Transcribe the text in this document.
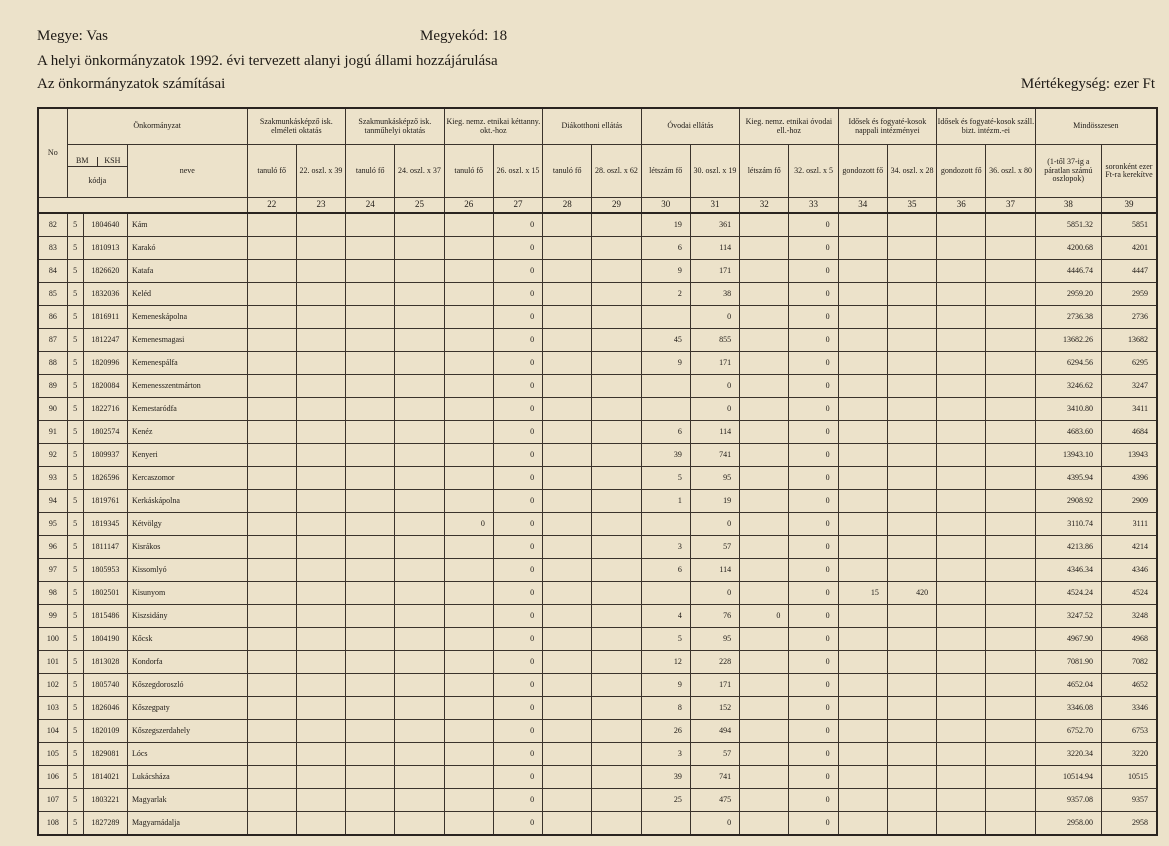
Megye: Vas	Megyekód: 18
A helyi önkormányzatok 1992. évi tervezett alanyi jogú állami hozzájárulása
Az önkormányzatok számításai	Mértékegység: ezer Ft
No	Önkormányzat			Szakmunkásképző isk. elméleti oktatás		Szakmunkásképző isk. tanműhelyi oktatás		Kieg. nemz. etnikai kéttanny. okt.-hoz		Diákotthoni ellátás		Óvodai ellátás		Kieg. nemz. etnikai óvodai ell.-hoz		Idősek és fogyaté-kosok nappali intézményei		Idősek és fogyaté-kosok száll. bizt. intézm.-ei		Mindösszesen	

	BM KSH
kódja		neve	tanuló fő	22. oszl. x 39	tanuló fő	24. oszl. x 37	tanuló fő	26. oszl. x 15	tanuló fő	28. oszl. x 62	létszám fő	30. oszl. x 19	létszám fő	32. oszl. x 5	gondozott fő	34. oszl. x 28	gondozott fő	36. oszl. x 80	(1-től 37-ig a páratlan számú oszlopok)	soronként ezer Ft-ra kerekítve
				22	23	24	25	26	27	28	29	30	31	32	33	34	35	36	37	38	39
82	5	1804640	Kám						0			19	361		0					5851.32	5851
83	5	1810913	Karakó						0			6	114		0					4200.68	4201
84	5	1826620	Katafa						0			9	171		0					4446.74	4447
85	5	1832036	Keléd						0			2	38		0					2959.20	2959
86	5	1816911	Kemeneskápolna						0				0		0					2736.38	2736
87	5	1812247	Kemenesmagasi						0			45	855		0					13682.26	13682
88	5	1820996	Kemenespálfa						0			9	171		0					6294.56	6295
89	5	1820084	Kemenesszentmárton						0				0		0					3246.62	3247
90	5	1822716	Kemestaródfa						0				0		0					3410.80	3411
91	5	1802574	Kenéz						0			6	114		0					4683.60	4684
92	5	1809937	Kenyeri						0			39	741		0					13943.10	13943
93	5	1826596	Kercaszomor						0			5	95		0					4395.94	4396
94	5	1819761	Kerkáskápolna						0			1	19		0					2908.92	2909
95	5	1819345	Kétvölgy					0	0				0		0					3110.74	3111
96	5	1811147	Kisrákos						0			3	57		0					4213.86	4214
97	5	1805953	Kissomlyó						0			6	114		0					4346.34	4346
98	5	1802501	Kisunyom						0				0		0	15	420			4524.24	4524
99	5	1815486	Kiszsidány						0			4	76	0	0					3247.52	3248
100	5	1804190	Kőcsk						0			5	95		0					4967.90	4968
101	5	1813028	Kondorfa						0			12	228		0					7081.90	7082
102	5	1805740	Kőszegdoroszló						0			9	171		0					4652.04	4652
103	5	1826046	Kőszegpaty						0			8	152		0					3346.08	3346
104	5	1820109	Kőszegszerdahely						0			26	494		0					6752.70	6753
105	5	1829081	Lócs						0			3	57		0					3220.34	3220
106	5	1814021	Lukácsháza						0			39	741		0					10514.94	10515
107	5	1803221	Magyarlak						0			25	475		0					9357.08	9357
108	5	1827289	Magyarnádalja						0				0		0					2958.00	2958
